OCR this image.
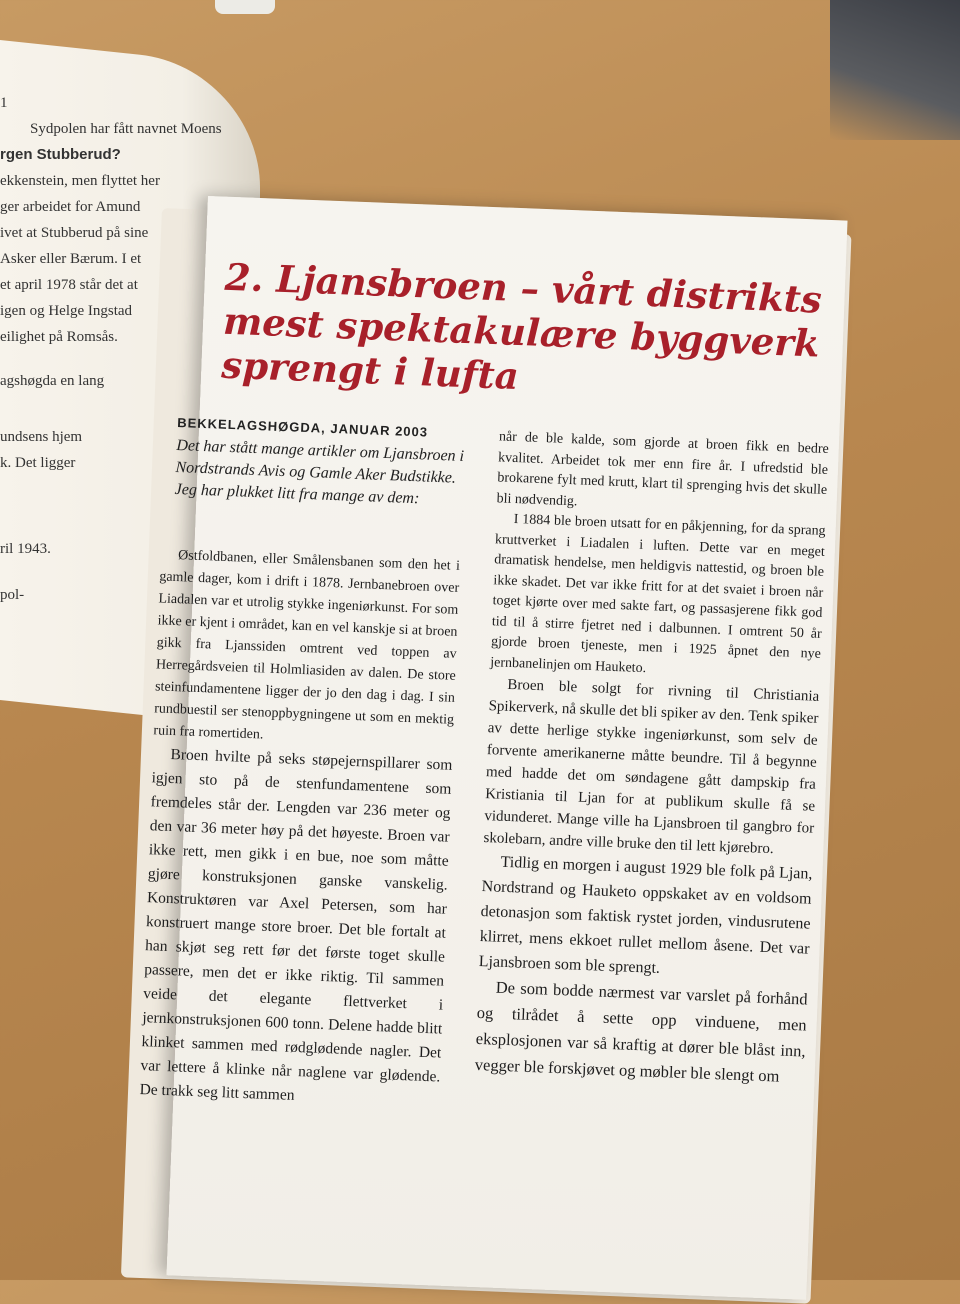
1
Sydpolen har fått navnet Moens
rgen Stubberud?
ekkenstein, men flyttet her
ger arbeidet for Amund
ivet at Stubberud på sine
Asker eller Bærum. I et
et april 1978 står det at
igen og Helge Ingstad
eilighet på Romsås.
agshøgda en lang
undsens hjem
k. Det ligger
ril 1943.
pol-
2. Ljansbroen – vårt distrikts mest spektakulære byggverk sprengt i lufta
BEKKELAGSHØGDA, JANUAR 2003
Det har stått mange artikler om Ljansbroen i Nordstrands Avis og Gamle Aker Budstikke. Jeg har plukket litt fra mange av dem:

Østfoldbanen, eller Smålensbanen som den het i gamle dager, kom i drift i 1878. Jernbanebroen over Liadalen var et utrolig stykke ingeniørkunst. For som ikke er kjent i området, kan en vel kanskje si at broen gikk fra Ljanssiden omtrent ved toppen av Herregårdsveien til Holmliasiden av dalen. De store steinfundamentene ligger der jo den dag i dag. I sin rundbuestil ser stenoppbygningene ut som en mektig ruin fra romertiden.

Broen hvilte på seks støpejernspillarer som igjen sto på de stenfundamentene som fremdeles står der. Lengden var 236 meter og den var 36 meter høy på det høyeste. Broen var ikke rett, men gikk i en bue, noe som måtte gjøre konstruksjonen ganske vanskelig. Konstruktøren var Axel Petersen, som har konstruert mange store broer. Det ble fortalt at han skjøt seg rett før det første toget skulle passere, men det er ikke riktig. Til sammen veide det elegante flettverket i jernkonstruksjonen 600 tonn. Delene hadde blitt klinket sammen med rødglødende nagler. Det var lettere å klinke når naglene var glødende. De trakk seg litt sammen

når de ble kalde, som gjorde at broen fikk en bedre kvalitet. Arbeidet tok mer enn fire år. I ufredstid ble brokarene fylt med krutt, klart til sprenging hvis det skulle bli nødvendig.

I 1884 ble broen utsatt for en påkjenning, for da sprang kruttverket i Liadalen i luften. Dette var en meget dramatisk hendelse, men heldigvis nattestid, og broen ble ikke skadet. Det var ikke fritt for at det svaiet i broen når toget kjørte over med sakte fart, og passasjerene fikk god tid til å stirre fjetret ned i dalbunnen. I omtrent 50 år gjorde broen tjeneste, men i 1925 åpnet den nye jernbanelinjen om Hauketo.

Broen ble solgt for rivning til Christiania Spikerverk, nå skulle det bli spiker av den. Tenk spiker av dette herlige stykke ingeniørkunst, som selv de forvente amerikanerne måtte beundre. Til å begynne med hadde det om søndagene gått dampskip fra Kristiania til Ljan for at publikum skulle få se vidunderet. Mange ville ha Ljansbroen til gangbro for skolebarn, andre ville bruke den til lett kjørebro.

Tidlig en morgen i august 1929 ble folk på Ljan, Nordstrand og Hauketo oppskaket av en voldsom detonasjon som faktisk rystet jorden, vindusrutene klirret, mens ekkoet rullet mellom åsene. Det var Ljansbroen som ble sprengt.

De som bodde nærmest var varslet på forhånd og tilrådet å sette opp vinduene, men eksplosjonen var så kraftig at dører ble blåst inn, vegger ble forskjøvet og møbler ble slengt om
